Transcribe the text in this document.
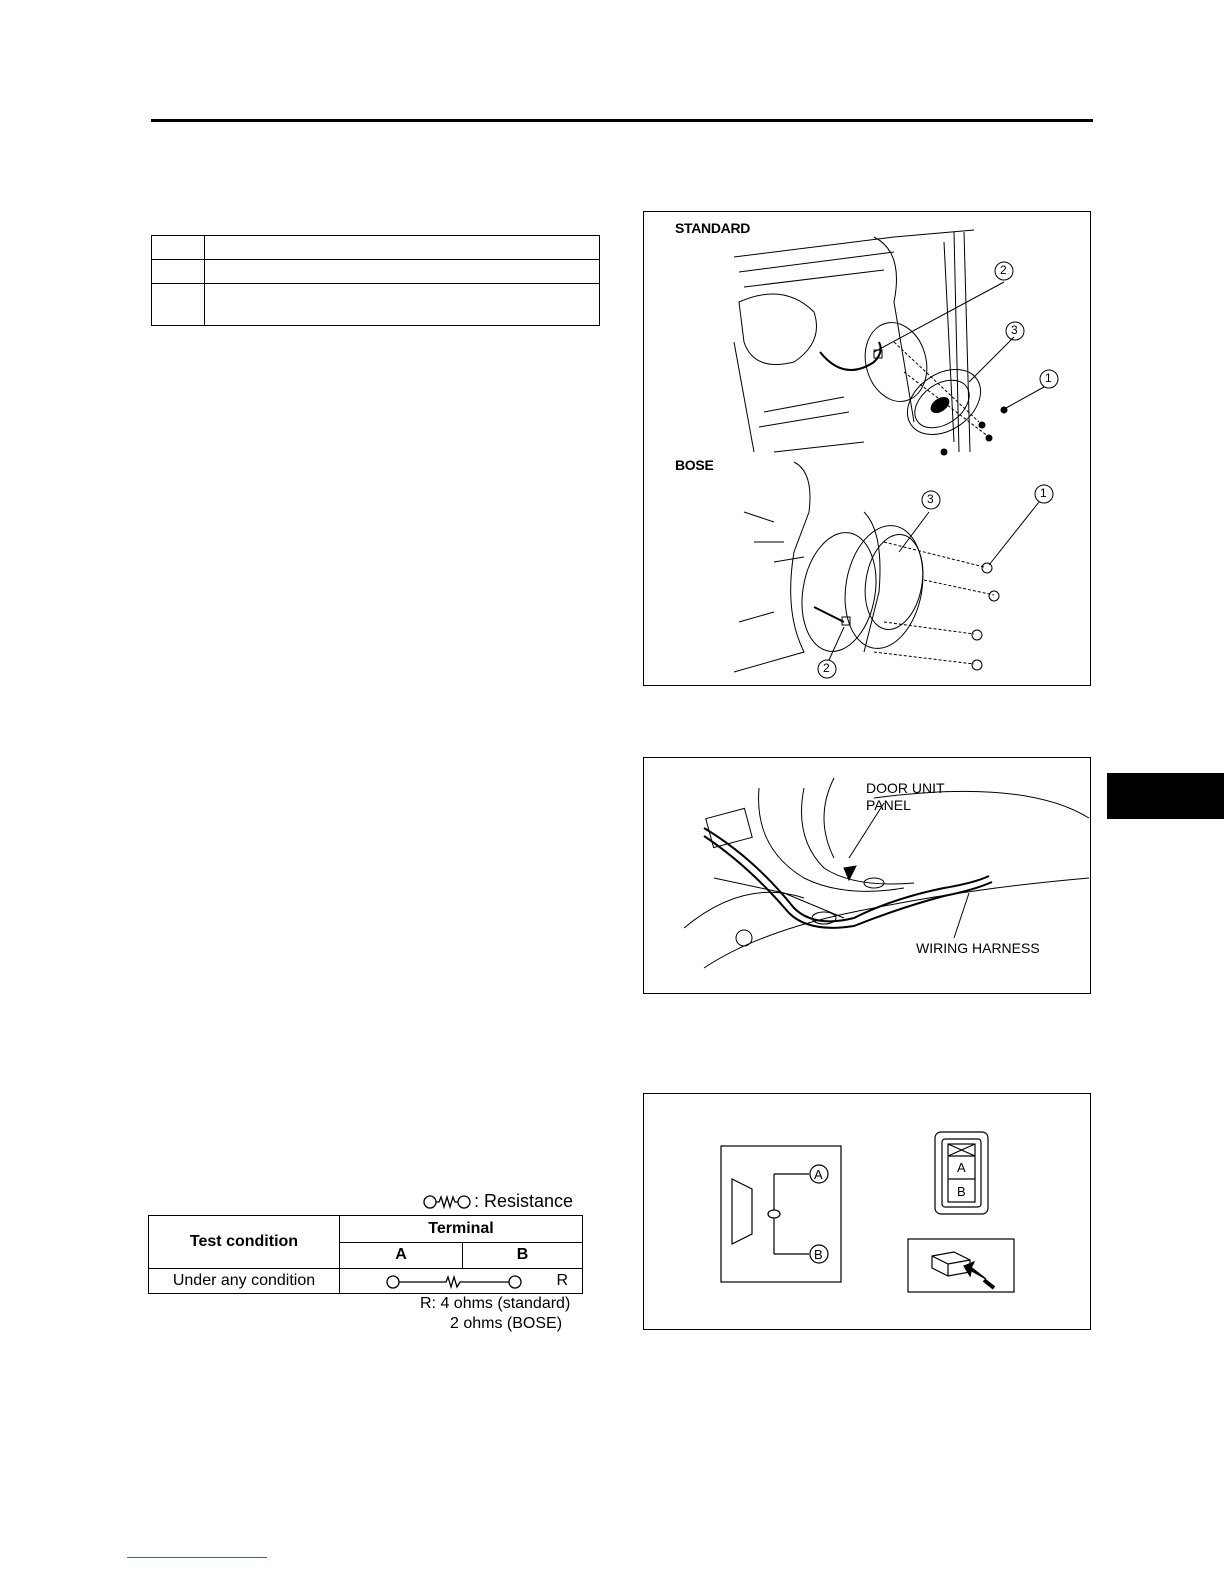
STANDARD
BOSE
1
2
3
1
3
2
DOOR UNIT
PANEL
WIRING HARNESS
A
B
A
B
: Resistance
Test condition	Terminal	
	A	B
Under any condition	R	
R: 4 ohms (standard)
2 ohms (BOSE)
